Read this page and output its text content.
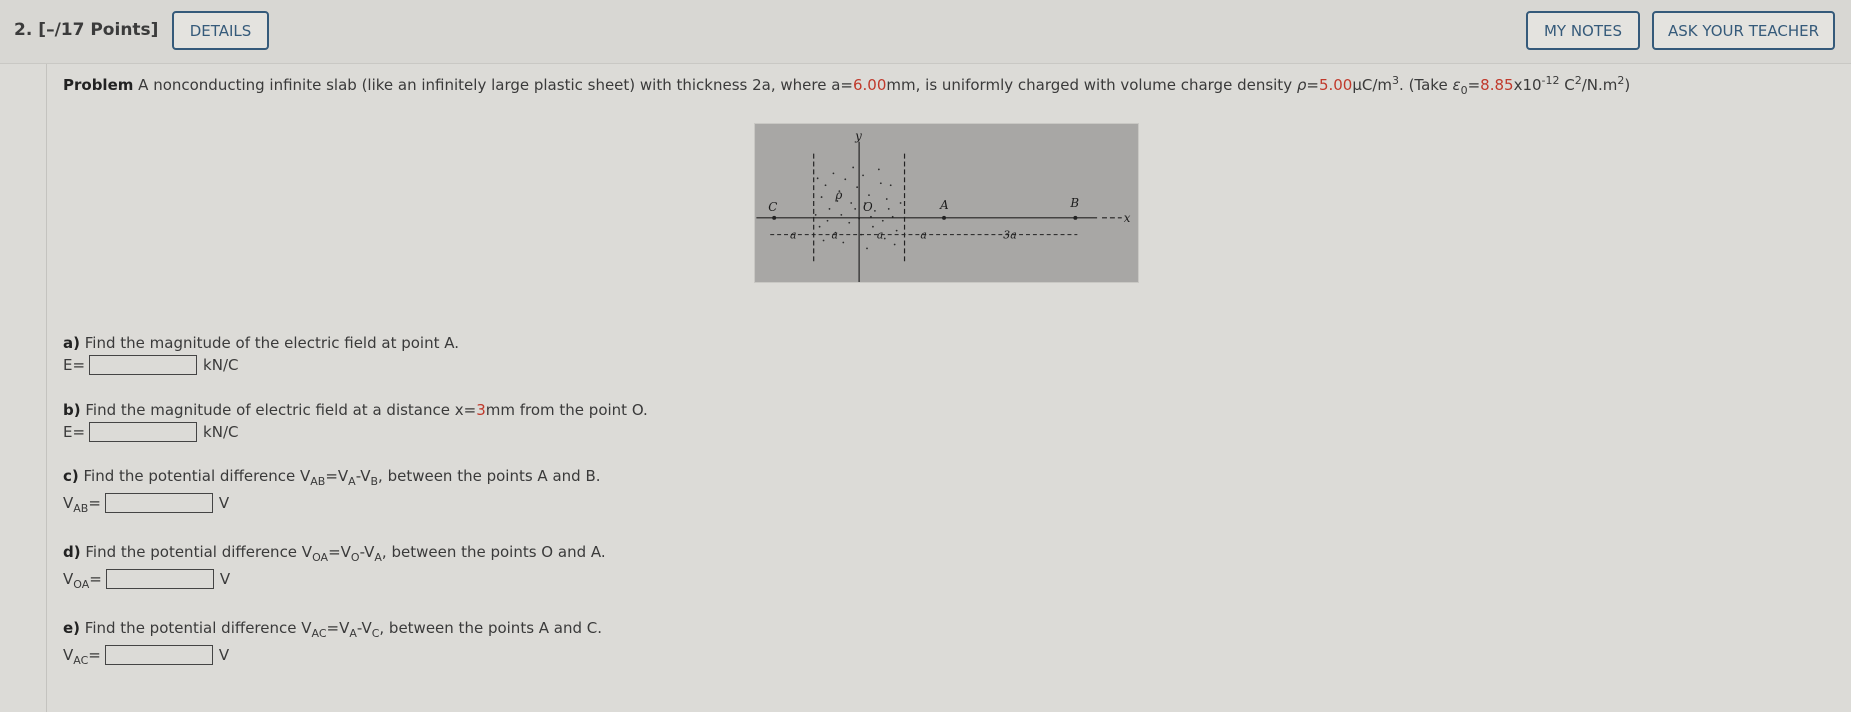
2. [–/17 Points]	DETAILS	MY NOTES	ASK YOUR TEACHER
Problem A nonconducting infinite slab (like an infinitely large plastic sheet) with thickness 2a, where a=6.00mm, is uniformly charged with volume charge density $\rho=5.00\mu C/m^3$. (Take $\varepsilon_0=8.85x10^{-12}$ $C^2/N.m^2$)
y
ρ
O
C	A	B
x
a	a	a	a	3a
a) Find the magnitude of the electric field at point A.
E=	kN/C
b) Find the magnitude of electric field at a distance x=3mm from the point O.
E=	kN/C
c) Find the potential difference $V_{AB}=V_A-V_B$, between the points A and B.
$V_{AB}=$	V
d) Find the potential difference $V_{OA}=V_O-V_A$, between the points O and A.
$V_{OA}=$	V
e) Find the potential difference $V_{AC}=V_A-V_C$, between the points A and C.
$V_{AC}=$	V
